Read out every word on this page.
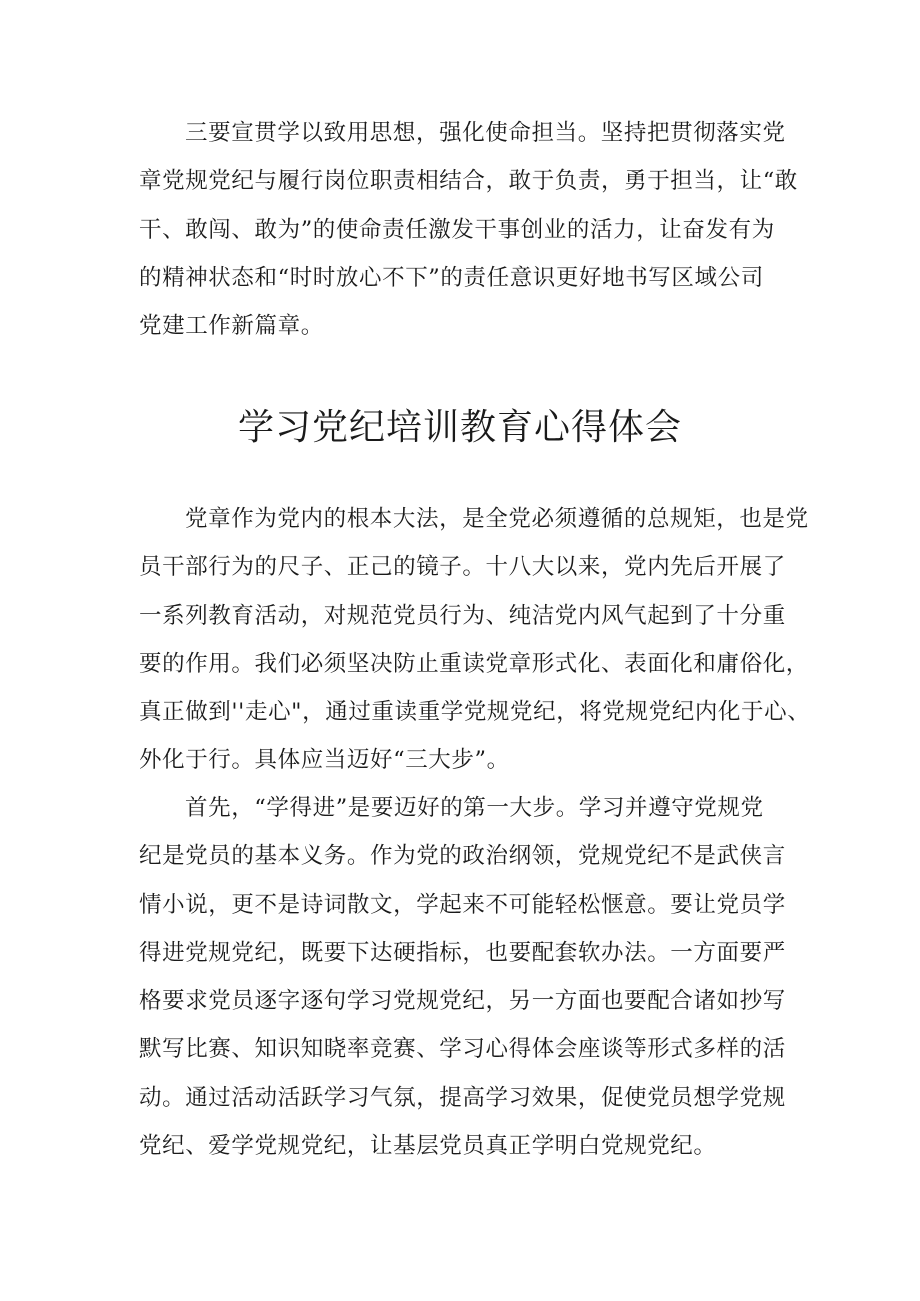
三要宣贯学以致用思想，强化使命担当。坚持把贯彻落实党
章党规党纪与履行岗位职责相结合，敢于负责，勇于担当，让“敢
干、敢闯、敢为”的使命责任激发干事创业的活力，让奋发有为
的精神状态和“时时放心不下”的责任意识更好地书写区域公司
党建工作新篇章。
学习党纪培训教育心得体会
党章作为党内的根本大法，是全党必须遵循的总规矩，也是党
员干部行为的尺子、正己的镜子。十八大以来，党内先后开展了
一系列教育活动，对规范党员行为、纯洁党内风气起到了十分重
要的作用。我们必须坚决防止重读党章形式化、表面化和庸俗化，
真正做到''走心"，通过重读重学党规党纪，将党规党纪内化于心、
外化于行。具体应当迈好“三大步”。
首先，“学得进”是要迈好的第一大步。学习并遵守党规党
纪是党员的基本义务。作为党的政治纲领，党规党纪不是武侠言
情小说，更不是诗词散文，学起来不可能轻松惬意。要让党员学
得进党规党纪，既要下达硬指标，也要配套软办法。一方面要严
格要求党员逐字逐句学习党规党纪，另一方面也要配合诸如抄写
默写比赛、知识知晓率竞赛、学习心得体会座谈等形式多样的活
动。通过活动活跃学习气氛，提高学习效果，促使党员想学党规
党纪、爱学党规党纪，让基层党员真正学明白党规党纪。
